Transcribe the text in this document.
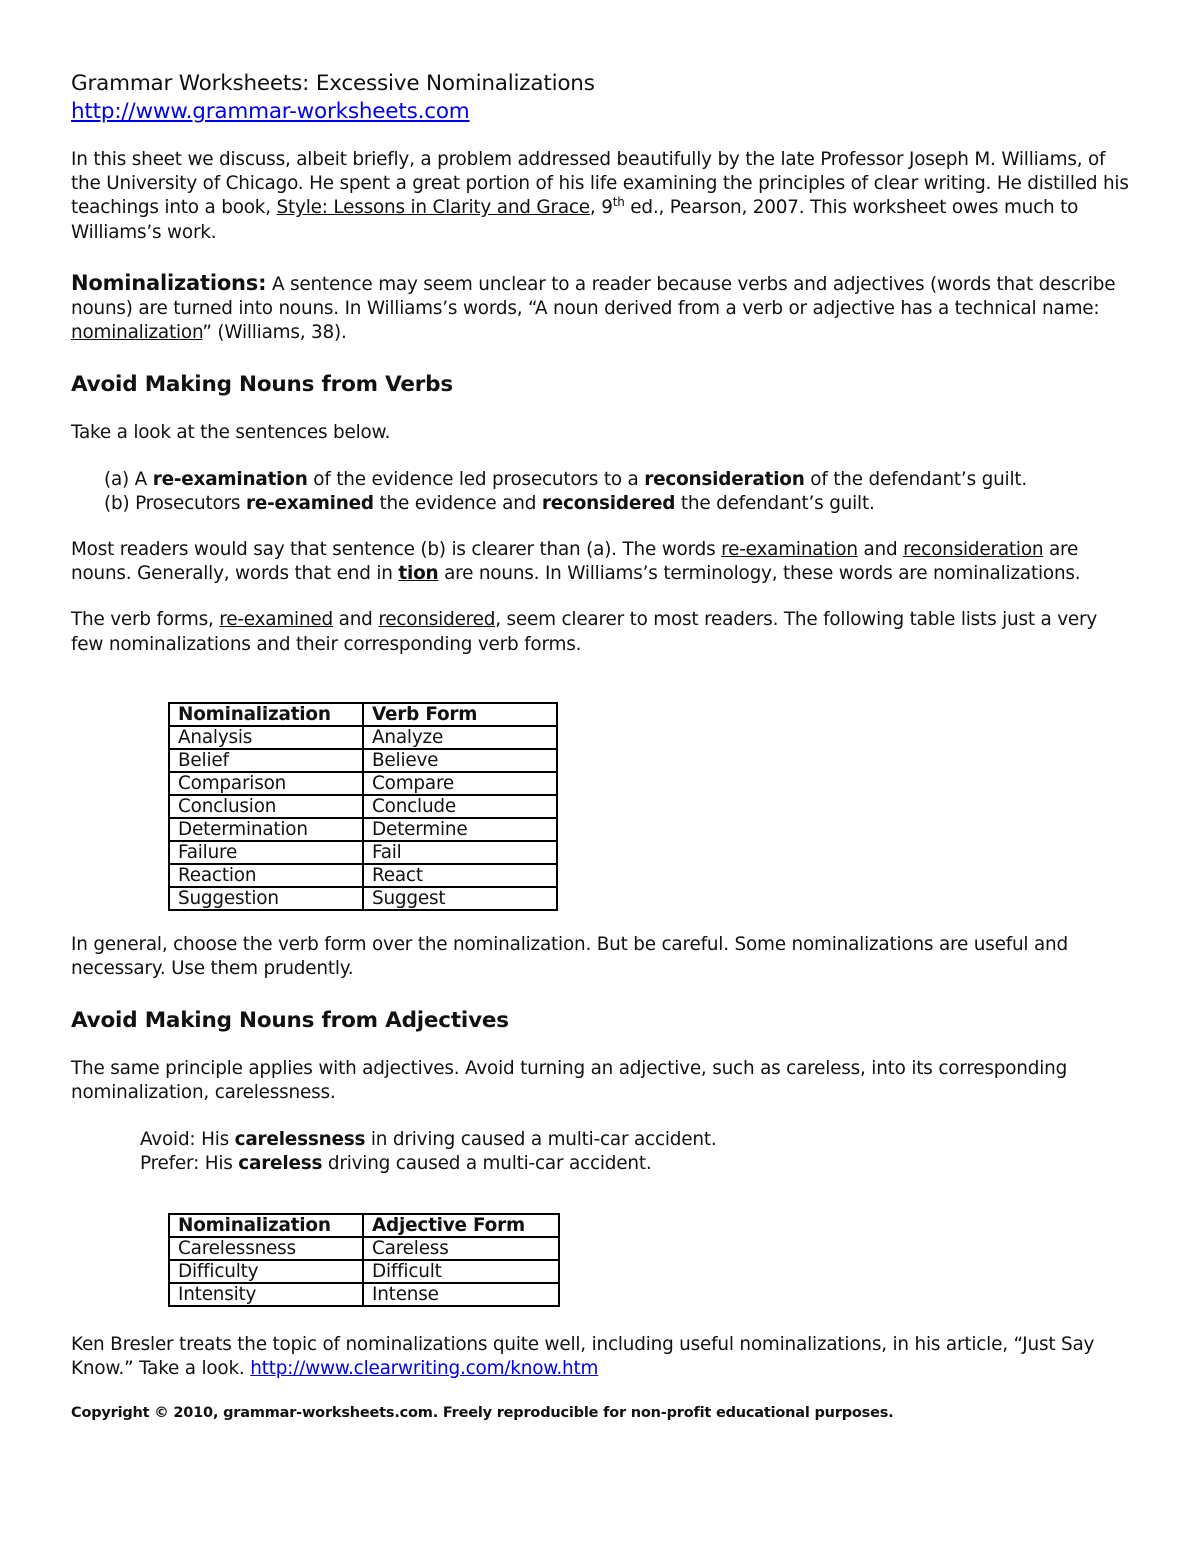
Grammar Worksheets: Excessive Nominalizations

http://www.grammar-worksheets.com

In this sheet we discuss, albeit briefly, a problem addressed beautifully by the late Professor Joseph M. Williams, of the University of Chicago. He spent a great portion of his life examining the principles of clear writing. He distilled his teachings into a book, Style: Lessons in Clarity and Grace, 9th ed., Pearson, 2007. This worksheet owes much to Williams’s work.

Nominalizations: A sentence may seem unclear to a reader because verbs and adjectives (words that describe nouns) are turned into nouns. In Williams’s words, “A noun derived from a verb or adjective has a technical name: nominalization” (Williams, 38).

Avoid Making Nouns from Verbs

Take a look at the sentences below.

(a) A re-examination of the evidence led prosecutors to a reconsideration of the defendant’s guilt.

(b) Prosecutors re-examined the evidence and reconsidered the defendant’s guilt.

Most readers would say that sentence (b) is clearer than (a). The words re-examination and reconsideration are nouns. Generally, words that end in tion are nouns. In Williams’s terminology, these words are nominalizations.

The verb forms, re-examined and reconsidered, seem clearer to most readers. The following table lists just a very few nominalizations and their corresponding verb forms.

Nominalization	Verb Form
Analysis	Analyze
Belief	Believe
Comparison	Compare
Conclusion	Conclude
Determination	Determine
Failure	Fail
Reaction	React
Suggestion	Suggest

In general, choose the verb form over the nominalization. But be careful. Some nominalizations are useful and necessary. Use them prudently.

Avoid Making Nouns from Adjectives

The same principle applies with adjectives. Avoid turning an adjective, such as careless, into its corresponding nominalization, carelessness.

Avoid: His carelessness in driving caused a multi-car accident.

Prefer: His careless driving caused a multi-car accident.

Nominalization	Adjective Form
Carelessness	Careless
Difficulty	Difficult
Intensity	Intense

Ken Bresler treats the topic of nominalizations quite well, including useful nominalizations, in his article, “Just Say Know.” Take a look. http://www.clearwriting.com/know.htm

Copyright © 2010, grammar-worksheets.com. Freely reproducible for non-profit educational purposes.
